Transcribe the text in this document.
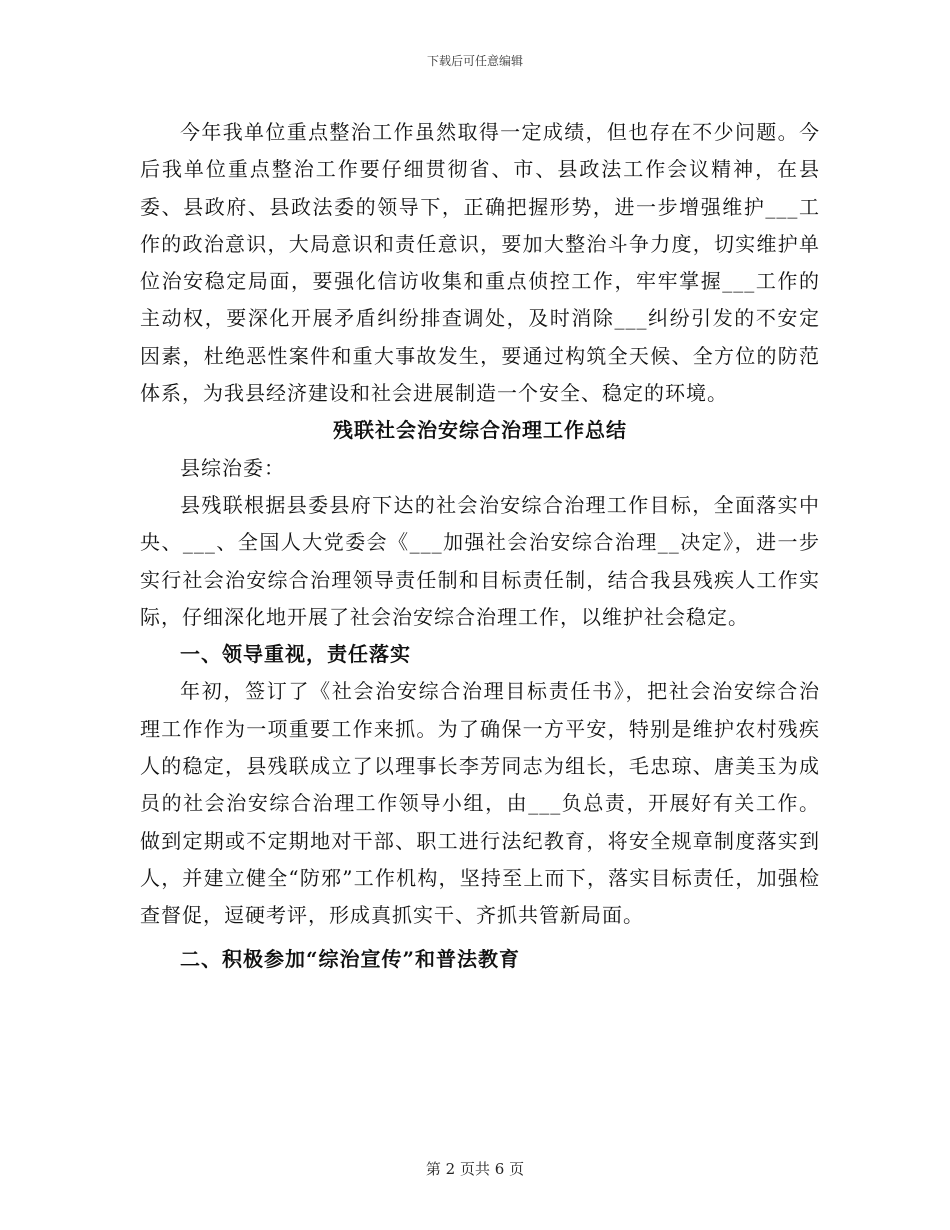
下载后可任意编辑

今年我单位重点整治工作虽然取得一定成绩，但也存在不少问题。今后我单位重点整治工作要仔细贯彻省、市、县政法工作会议精神，在县委、县政府、县政法委的领导下，正确把握形势，进一步增强维护___工作的政治意识，大局意识和责任意识，要加大整治斗争力度，切实维护单位治安稳定局面，要强化信访收集和重点侦控工作，牢牢掌握___工作的主动权，要深化开展矛盾纠纷排查调处，及时消除___纠纷引发的不安定因素，杜绝恶性案件和重大事故发生，要通过构筑全天候、全方位的防范体系，为我县经济建设和社会进展制造一个安全、稳定的环境。

残联社会治安综合治理工作总结

县综治委：

县残联根据县委县府下达的社会治安综合治理工作目标，全面落实中央、___、全国人大党委会《___加强社会治安综合治理__决定》，进一步实行社会治安综合治理领导责任制和目标责任制，结合我县残疾人工作实际，仔细深化地开展了社会治安综合治理工作，以维护社会稳定。

一、领导重视，责任落实

年初，签订了《社会治安综合治理目标责任书》，把社会治安综合治理工作作为一项重要工作来抓。为了确保一方平安，特别是维护农村残疾人的稳定，县残联成立了以理事长李芳同志为组长，毛忠琼、唐美玉为成员的社会治安综合治理工作领导小组，由___负总责，开展好有关工作。做到定期或不定期地对干部、职工进行法纪教育，将安全规章制度落实到人，并建立健全“防邪”工作机构，坚持至上而下，落实目标责任，加强检查督促，逗硬考评，形成真抓实干、齐抓共管新局面。

二、积极参加“综治宣传”和普法教育

第 2 页共 6 页
